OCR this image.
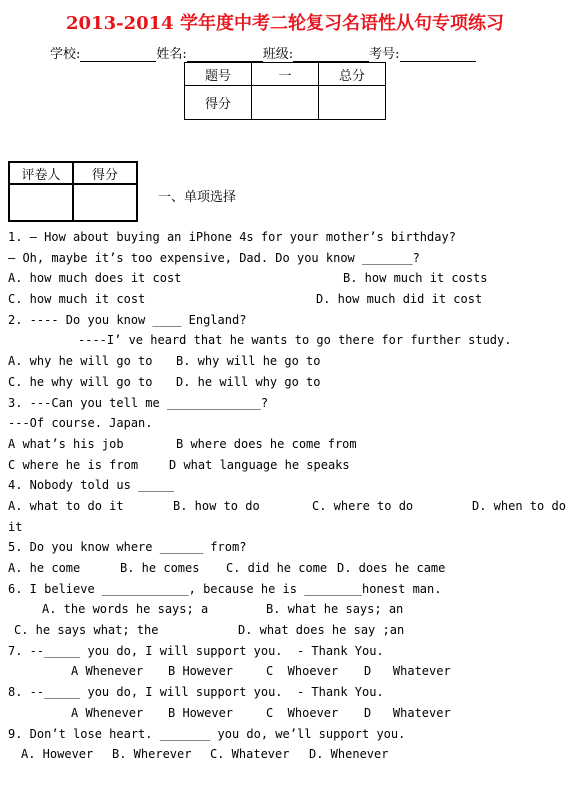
2013-2014 学年度中考二轮复习名语性从句专项练习
学校:	姓名:	班级:	考号:
题号	一	总分
得分		
评卷人	得分

一、单项选择
1. — How about buying an iPhone 4s for your mother’s birthday?
— Oh, maybe it’s too expensive, Dad. Do you know _______?
A. how much does it cost	B. how much it costs
C. how much it cost	D. how much did it cost
2. ---- Do you know ____ England?
----I’ ve heard that he wants to go there for further study.
A. why he will go to B. why will he go to
C. he why will go to D. he will why go to
3. ---Can you tell me _____________?
---Of course. Japan.
A what’s his job	B where does he come from
C where he is from	D what language he speaks
4. Nobody told us _____
A. what to do it	B. how to do	C. where to do	D. when to do
it
5. Do you know where ______ from?
A. he come	B. he comes C. did he come D. does he came
6. I believe ____________, because he is ________honest man.
A. the words he says; a	B. what he says; an
C. he says what; the	D. what does he say ;an
7. --_____ you do, I will support you.  - Thank You.
A Whenever B However	C  Whoever D   Whatever
8. --_____ you do, I will support you.  - Thank You.
A Whenever B However	C  Whoever D   Whatever
9. Don’t lose heart. _______ you do, we’ll support you.
A. However B. Wherever C. Whatever D. Whenever
